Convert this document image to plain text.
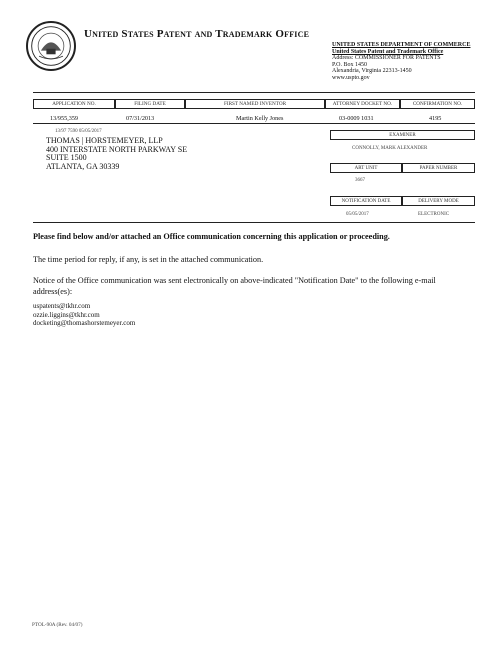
United States Patent and Trademark Office
UNITED STATES DEPARTMENT OF COMMERCE
United States Patent and Trademark Office
Address: COMMISSIONER FOR PATENTS
P.O. Box 1450
Alexandria, Virginia 22313-1450
www.uspto.gov
APPLICATION NO.	FILING DATE	FIRST NAMED INVENTOR	ATTORNEY DOCKET NO.	CONFIRMATION NO.
13/955,359	07/31/2013	Martin Kelly Jones	03-0009 1031	4195
13/97 7590 05/05/2017
THOMAS | HORSTEMEYER, LLP
400 INTERSTATE NORTH PARKWAY SE
SUITE 1500
ATLANTA, GA 30339
EXAMINER
CONNOLLY, MARK ALEXANDER
ART UNIT	PAPER NUMBER
3667
NOTIFICATION DATE	DELIVERY MODE
05/05/2017	ELECTRONIC
Please find below and/or attached an Office communication concerning this application or proceeding.
The time period for reply, if any, is set in the attached communication.
Notice of the Office communication was sent electronically on above-indicated "Notification Date" to the following e-mail address(es):
uspatents@tkhr.com
ozzie.liggins@tkhr.com
docketing@thomashorstemeyer.com
PTOL-90A (Rev. 04/07)
